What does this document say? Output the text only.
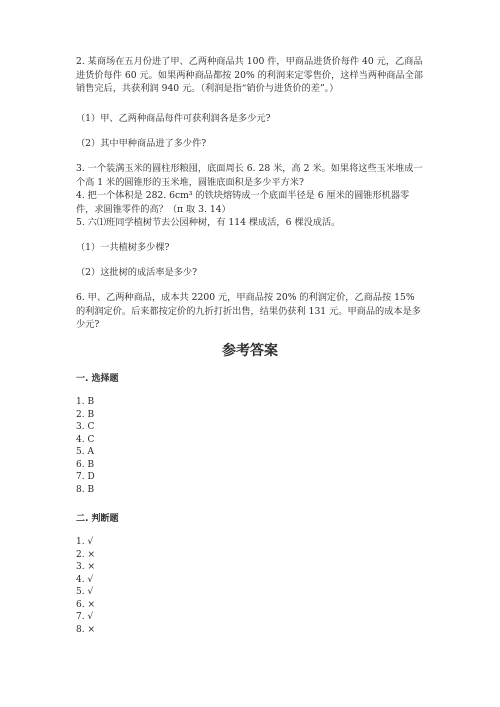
2. 某商场在五月份进了甲、乙两种商品共 100 件，甲商品进货价每件 40 元，乙商品进货价每件 60 元。如果两种商品都按 20% 的利润来定零售价，这样当两种商品全部销售完后，共获利润 940 元。（利润是指“销价与进货价的差”。）
（1）甲、乙两种商品每件可获利润各是多少元?
（2）其中甲种商品进了多少件?
3. 一个装满玉米的圆柱形粮囤，底面周长 6. 28 米，高 2 米。如果将这些玉米堆成一个高 1 米的圆锥形的玉米堆，圆锥底面积是多少平方米?
4. 把一个体积是 282. 6cm³ 的铁块熔铸成一个底面半径是 6 厘米的圆锥形机器零件，求圆锥零件的高？（π 取 3. 14）
5. 六⑴班同学植树节去公园种树，有 114 棵成活，6 棵没成活。
（1）一共植树多少棵?
（2）这批树的成活率是多少?
6. 甲、乙两种商品，成本共 2200 元，甲商品按 20% 的利润定价，乙商品按 15% 的利润定价。后来都按定价的九折打折出售，结果仍获利 131 元。甲商品的成本是多少元?
参考答案
一. 选择题
1. B
2. B
3. C
4. C
5. A
6. B
7. D
8. B
二. 判断题
1. √
2. ×
3. ×
4. √
5. √
6. ×
7. √
8. ×
